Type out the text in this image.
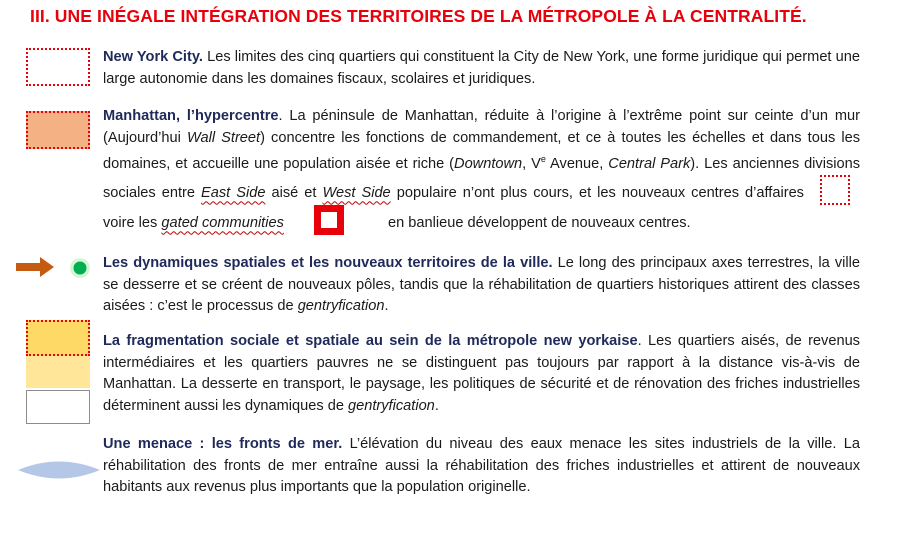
III. UNE INÉGALE INTÉGRATION DES TERRITOIRES DE LA MÉTROPOLE À LA CENTRALITÉ.
New York City. Les limites des cinq quartiers qui constituent la City de New York, une forme juridique qui permet une large autonomie dans les domaines fiscaux, scolaires et juridiques.
Manhattan, l’hypercentre. La péninsule de Manhattan, réduite à l’origine à l’extrême point sur ceinte d’un mur (Aujourd’hui Wall Street) concentre les fonctions de commandement, et ce à toutes les échelles et dans tous les domaines, et accueille une population aisée et riche (Downtown, Ve Avenue, Central Park). Les anciennes divisions sociales entre East Side aisé et West Side populaire n’ont plus cours, et les nouveaux centres d’affaires  voire les gated communities	en banlieue développent de nouveaux centres.
Les dynamiques spatiales et les nouveaux territoires de la ville. Le long des principaux axes terrestres, la ville se desserre et se créent de nouveaux pôles, tandis que la réhabilitation de quartiers historiques attirent des classes aisées : c’est le processus de gentryfication.
La fragmentation sociale et spatiale au sein de la métropole new yorkaise. Les quartiers aisés, de revenus intermédiaires et les quartiers pauvres ne se distinguent pas toujours par rapport à la distance vis-à-vis de Manhattan. La desserte en transport, le paysage, les politiques de sécurité et de rénovation des friches industrielles déterminent aussi les dynamiques de gentryfication.
Une menace : les fronts de mer. L’élévation du niveau des eaux menace les sites industriels de la ville. La réhabilitation des fronts de mer entraîne aussi la réhabilitation des friches industrielles et attirent de nouveaux habitants aux revenus plus importants que la population originelle.
